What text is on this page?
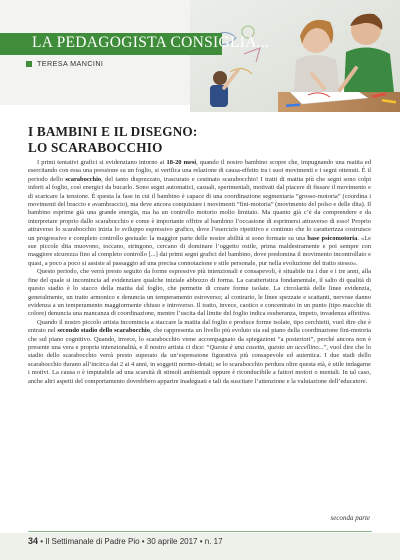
LA PEDAGOGISTA CONSIGLIA...
TERESA MANCINI
I BAMBINI E IL DISEGNO:
LO SCARABOCCHIO

I primi tentativi grafici si evidenziano intorno ai 18-20 mesi, quando il nostro bambino scopre che, impugnando una matita ed esercitando con essa una pressione su un foglio, si verifica una relazione di causa-effetto tra i suoi movimenti e i segni ottenuti. È il periodo dello scarabocchio, del tanto disprezzato, trascurato e cestinato scarabocchio! I tratti di matita più che segni sono colpi inferti al foglio, così energici da bucarlo. Sono segni automatici, casuali, sperimentali, motivati dal piacere di fissare il movimento e di scaricare la tensione. È questa la fase in cui il bambino è capace di una coordinazione segmentaria “grosso-motoria” (coordina i movimenti del braccio e avambraccio), ma deve ancora conquistare i movimenti “fini-motoria” (movimento del polso e delle dita). Il bambino esprime già una grande energia, ma ha un controllo motorio molto limitato. Ma quanto già c’è da comprendere e da interpretare proprio dallo scarabocchio e come è importante offrire al bambino l’occasione di esprimersi attraverso di esso! Proprio attraverso lo scarabocchio inizia lo sviluppo espressivo grafico, dove l’esercizio ripetitivo e continuo che lo caratterizza costruisce un progressivo e completo controllo gestuale: la maggior parte delle nostre abilità si sono formate su una base psicomotoria. «Le sue piccole dita muovono, toccano, stringono, cercano di dominare l’oggetto ostile, prima maldestramente e poi sempre con maggiore sicurezza fino al completo controllo [...] dai primi segni grafici del bambino, dove predomina il movimento incontrollato e quasi, a poco a poco si assiste al passaggio ad una precisa connotazione e stile personale, pur nella evoluzione del tratto stesso».

Questo periodo, che verrà presto seguito da forme espressive più intenzionali e consapevoli, è situabile tra i due e i tre anni, alla fine del quale si incomincia ad evidenziare qualche iniziale abbozzo di forma. La caratteristica fondamentale, il salto di qualità di questo stadio è lo stacco della matita dal foglio, che permette di creare forme isolate. La circolarità delle linee evidenzia, generalmente, un tratto armonico e denuncia un temperamento estroverso; al contrario, le linee spezzate e scattanti, nervose danno evidenza a un temperamento maggiormente chiuso e introverso. Il tratto, invece, caotico e concentrato in un punto (tipo macchie di colore) denuncia una mancanza di coordinazione, mentre l’uscita dal limite del foglio indica esuberanza, impeto, invadenza affettiva.

Quando il nostro piccolo artista incomincia a staccare la matita dal foglio e produce forme isolate, tipo cerchietti, vuol dire che è entrato nel secondo stadio dello scarabocchio, che rappresenta un livello più evoluto sia sul piano della coordinazione fini-motoria che sul piano cognitivo. Quando, invece, lo scarabocchio viene accompagnato da spiegazioni “a posteriori”, perché ancora non è presente una vera e propria intenzionalità, e il nostro artista ci dice: “Questa è una casetta, questo un uccellino...”, vuol dire che lo stadio dello scarabocchio verrà presto superato da un’espressione figurativa più consapevole ed autentica. I due stadi dello scarabocchio durano all’incirca dai 2 ai 4 anni, in soggetti normo-dotati; se lo scarabocchio perdura oltre questa età, è utile indagarne i motivi. La causa o è imputabile ad una scarsità di stimoli ambientali oppure è riconducibile a fattori motori o mentali. In tal caso, anche altri aspetti del comportamento dovrebbero apparire inadeguati e tali da suscitare l’attenzione e la valutazione dell’educatore.

seconda parte
34 • Il Settimanale di Padre Pio • 30 aprile 2017 • n. 17
